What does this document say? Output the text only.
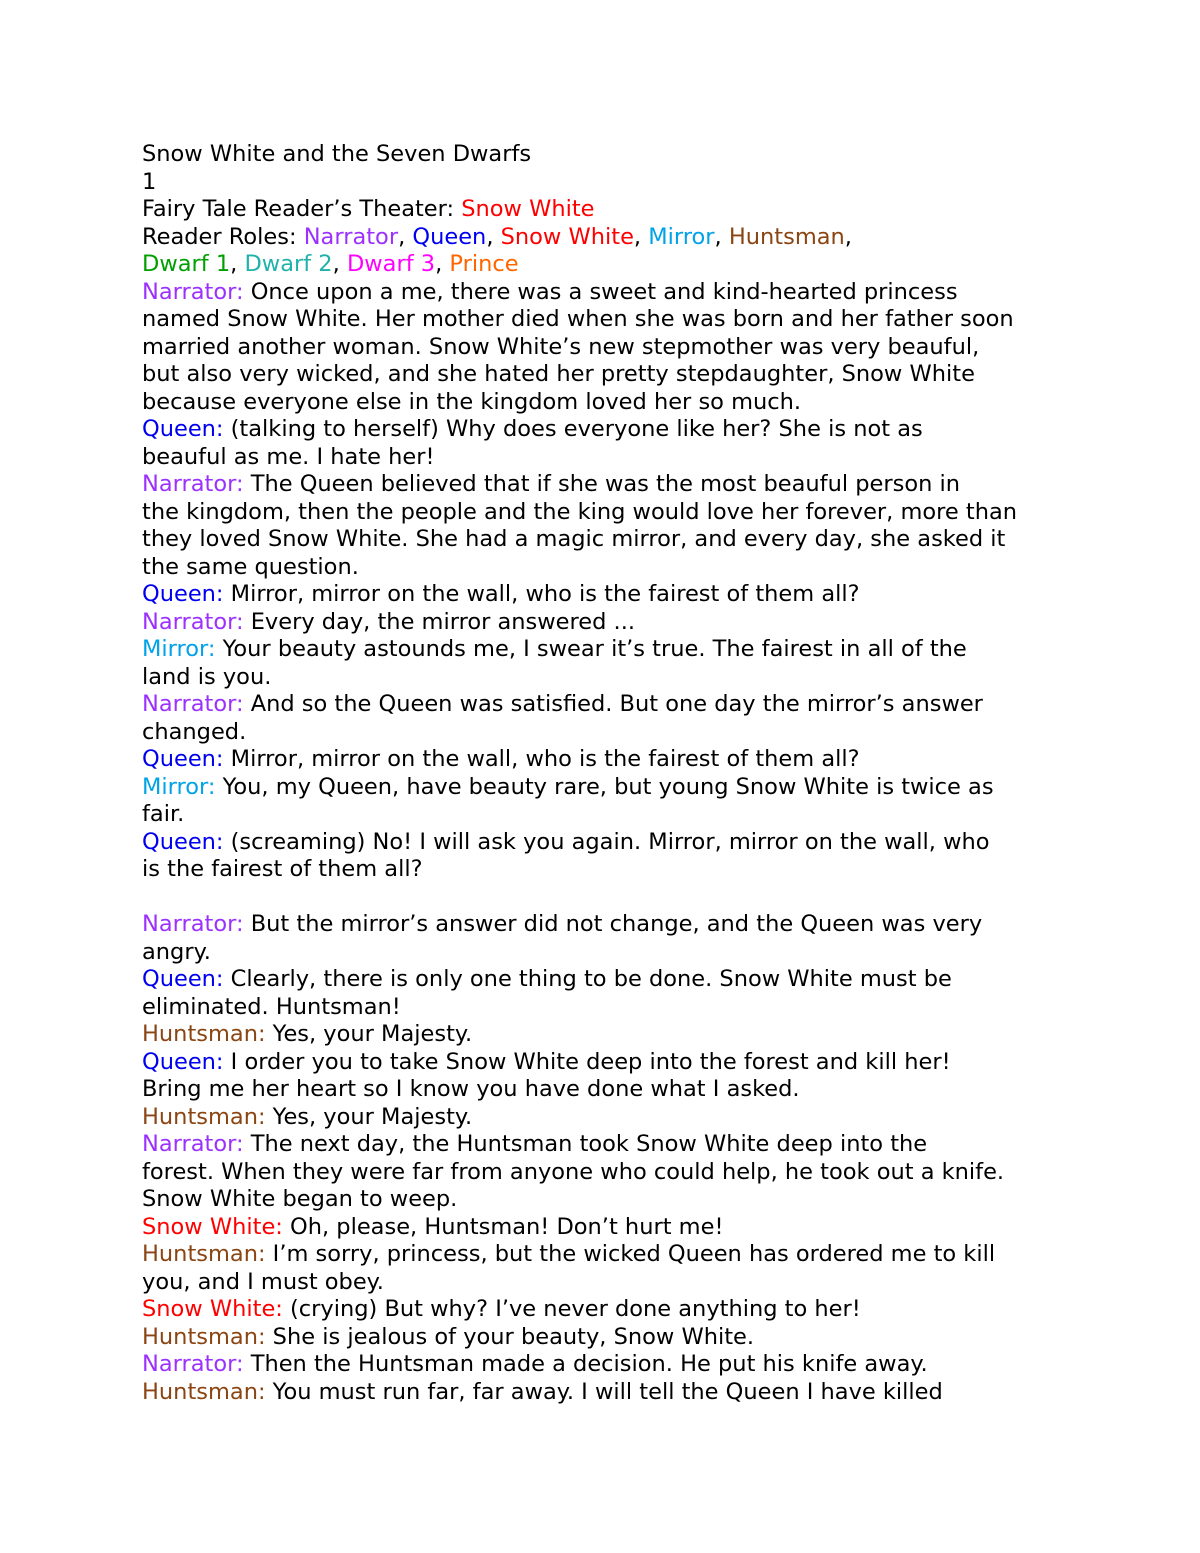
Snow White and the Seven Dwarfs
1
Fairy Tale Reader’s Theater: Snow White
Reader Roles: Narrator, Queen, Snow White, Mirror, Huntsman,
Dwarf 1, Dwarf 2, Dwarf 3, Prince
Narrator: Once upon a me, there was a sweet and kind-hearted princess
named Snow White. Her mother died when she was born and her father soon
married another woman. Snow White’s new stepmother was very beauful,
but also very wicked, and she hated her pretty stepdaughter, Snow White
because everyone else in the kingdom loved her so much.
Queen: (talking to herself) Why does everyone like her? She is not as
beauful as me. I hate her!
Narrator: The Queen believed that if she was the most beauful person in
the kingdom, then the people and the king would love her forever, more than
they loved Snow White. She had a magic mirror, and every day, she asked it
the same question.
Queen: Mirror, mirror on the wall, who is the fairest of them all?
Narrator: Every day, the mirror answered ...
Mirror: Your beauty astounds me, I swear it’s true. The fairest in all of the
land is you.
Narrator: And so the Queen was satisfied. But one day the mirror’s answer
changed.
Queen: Mirror, mirror on the wall, who is the fairest of them all?
Mirror: You, my Queen, have beauty rare, but young Snow White is twice as
fair.
Queen: (screaming) No! I will ask you again. Mirror, mirror on the wall, who
is the fairest of them all?
Narrator: But the mirror’s answer did not change, and the Queen was very
angry.
Queen: Clearly, there is only one thing to be done. Snow White must be
eliminated. Huntsman!
Huntsman: Yes, your Majesty.
Queen: I order you to take Snow White deep into the forest and kill her!
Bring me her heart so I know you have done what I asked.
Huntsman: Yes, your Majesty.
Narrator: The next day, the Huntsman took Snow White deep into the
forest. When they were far from anyone who could help, he took out a knife.
Snow White began to weep.
Snow White: Oh, please, Huntsman! Don’t hurt me!
Huntsman: I’m sorry, princess, but the wicked Queen has ordered me to kill
you, and I must obey.
Snow White: (crying) But why? I’ve never done anything to her!
Huntsman: She is jealous of your beauty, Snow White.
Narrator: Then the Huntsman made a decision. He put his knife away.
Huntsman: You must run far, far away. I will tell the Queen I have killed
